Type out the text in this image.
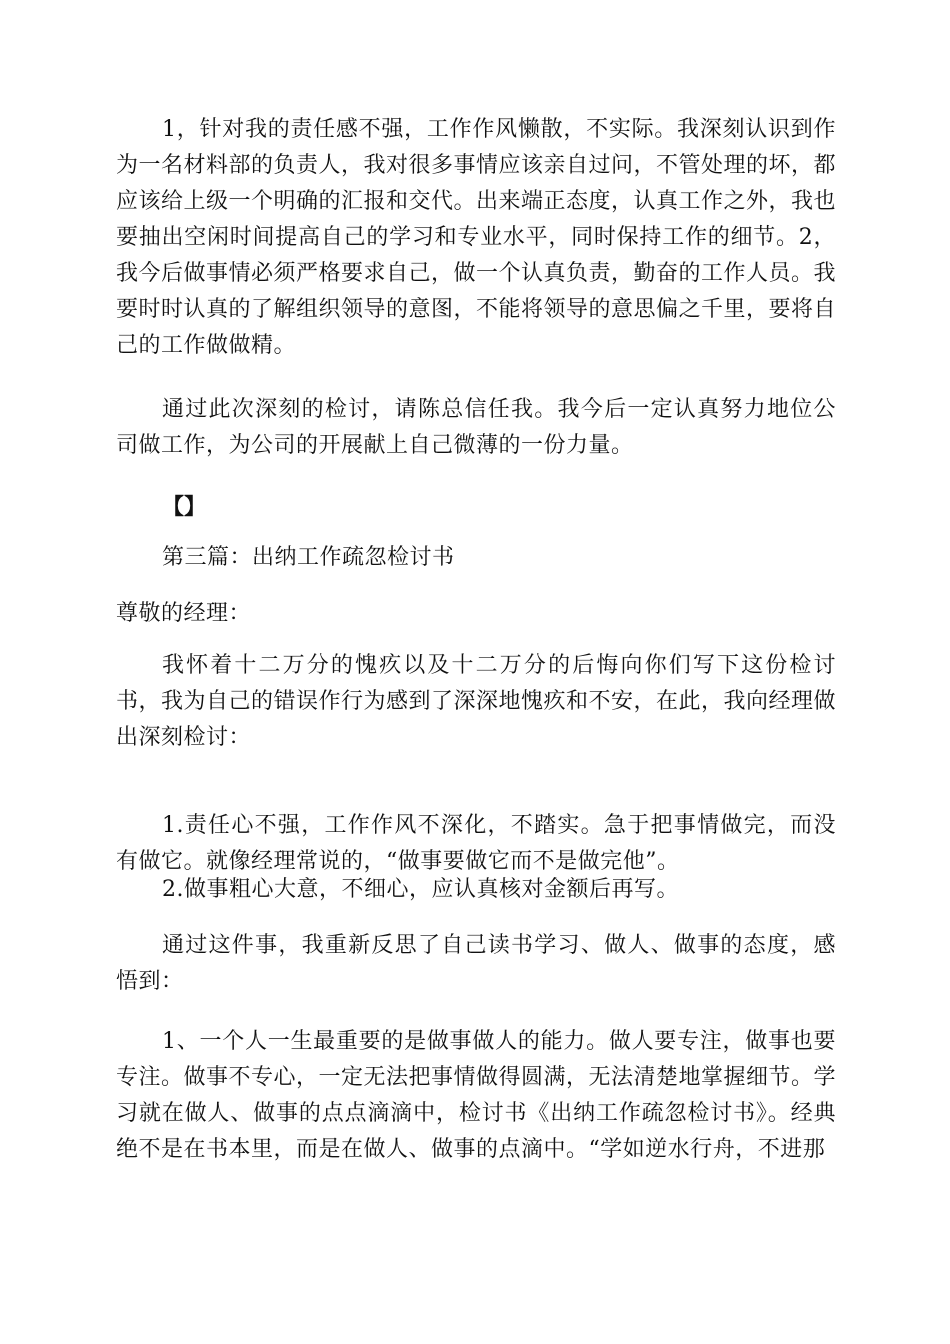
1，针对我的责任感不强，工作作风懒散，不实际。我深刻认识到作为一名材料部的负责人，我对很多事情应该亲自过问，不管处理的坏，都应该给上级一个明确的汇报和交代。出来端正态度，认真工作之外，我也要抽出空闲时间提高自己的学习和专业水平，同时保持工作的细节。2，我今后做事情必须严格要求自己，做一个认真负责，勤奋的工作人员。我要时时认真的了解组织领导的意图，不能将领导的意思偏之千里，要将自己的工作做做精。

通过此次深刻的检讨，请陈总信任我。我今后一定认真努力地位公司做工作，为公司的开展献上自己微薄的一份力量。

【】

第三篇：出纳工作疏忽检讨书

尊敬的经理：

我怀着十二万分的愧疚以及十二万分的后悔向你们写下这份检讨书，我为自己的错误作行为感到了深深地愧疚和不安，在此，我向经理做出深刻检讨：

1.责任心不强，工作作风不深化，不踏实。急于把事情做完，而没有做它。就像经理常说的，“做事要做它而不是做完他”。

2.做事粗心大意，不细心，应认真核对金额后再写。

通过这件事，我重新反思了自己读书学习、做人、做事的态度，感悟到：

1、一个人一生最重要的是做事做人的能力。做人要专注，做事也要专注。做事不专心，一定无法把事情做得圆满，无法清楚地掌握细节。学习就在做人、做事的点点滴滴中，检讨书《出纳工作疏忽检讨书》。经典绝不是在书本里，而是在做人、做事的点滴中。“学如逆水行舟，不进那
